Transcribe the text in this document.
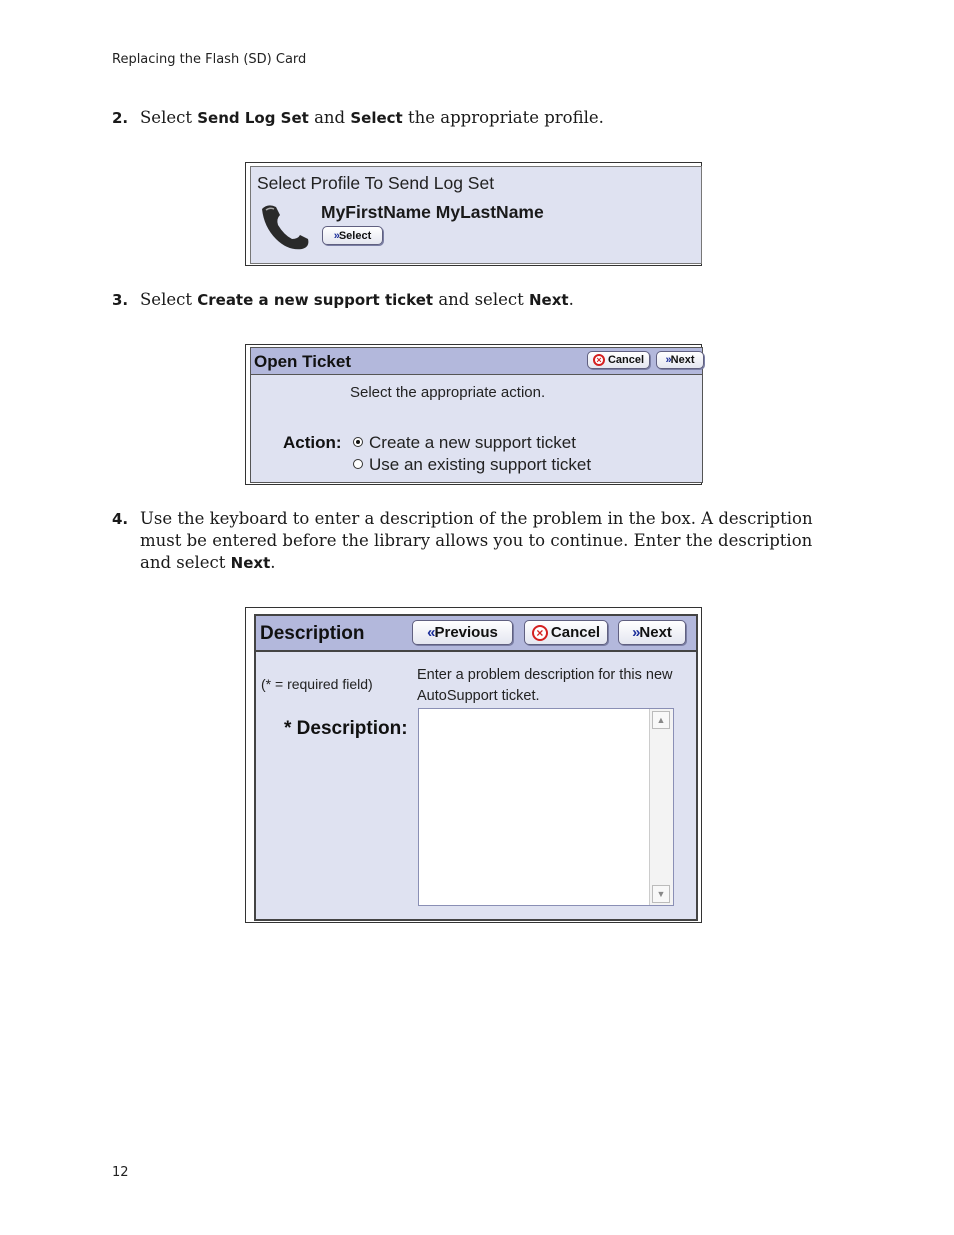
Replacing the Flash (SD) Card
2. Select Send Log Set and Select the appropriate profile.
Select Profile To Send Log Set
MyFirstName MyLastName
» Select
3. Select Create a new support ticket and select Next.
Open Ticket	× Cancel » Next
Select the appropriate action.
Action: Create a new support ticket
Use an existing support ticket
4. Use the keyboard to enter a description of the problem in the box. A description must be entered before the library allows you to continue. Enter the description and select Next.
Description	« Previous	× Cancel » Next
(* = required field)
Enter a problem description for this new AutoSupport ticket.
* Description:	▲
▼
12
